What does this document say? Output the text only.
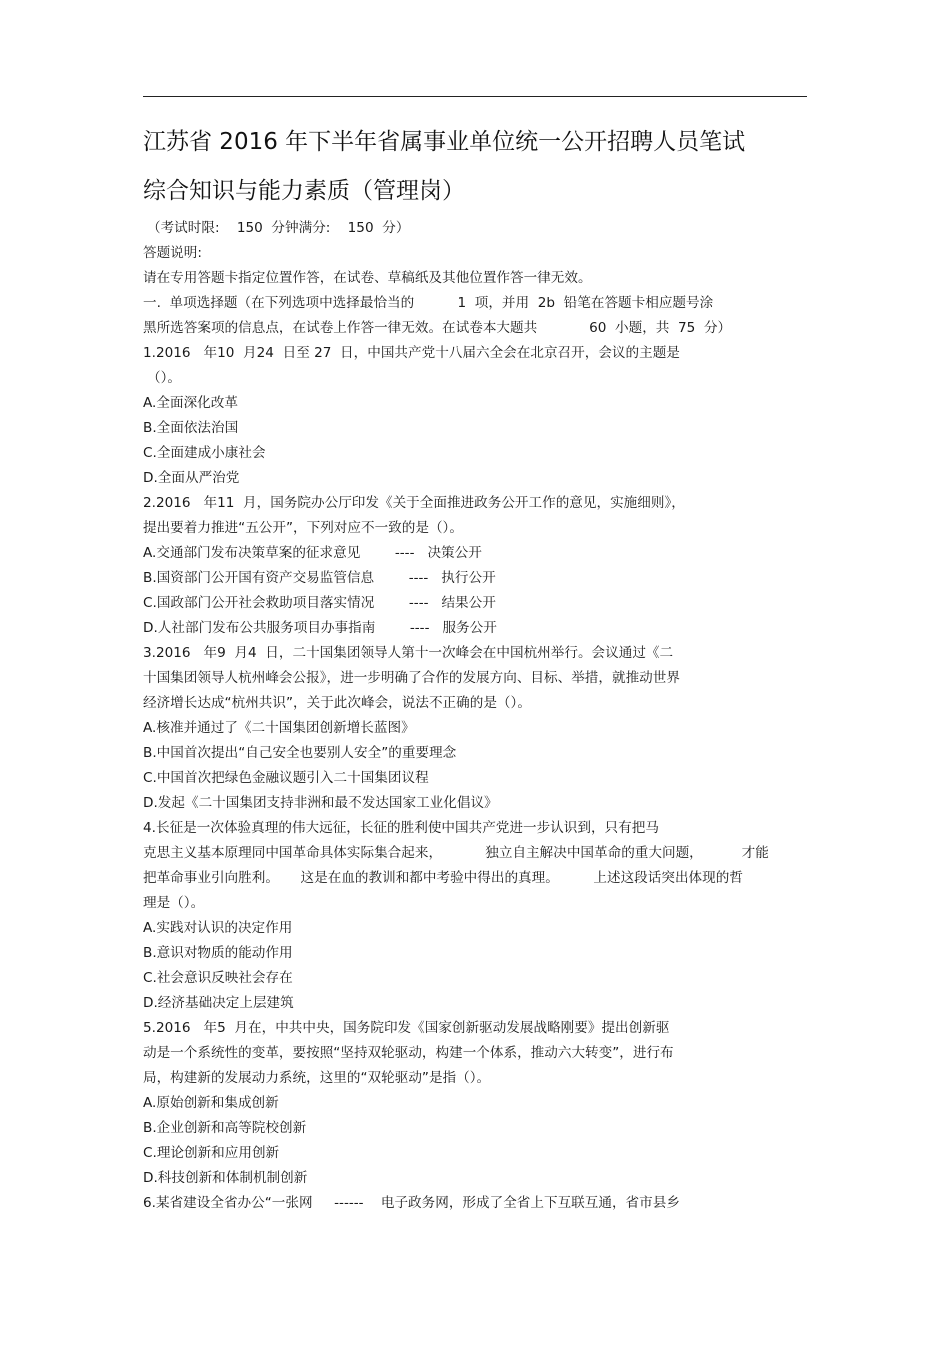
江苏省 2016 年下半年省属事业单位统一公开招聘人员笔试
综合知识与能力素质（管理岗）
（考试时限:    150  分钟满分:    150  分）
答题说明:
请在专用答题卡指定位置作答，在试卷、草稿纸及其他位置作答一律无效。
一.  单项选择题（在下列选项中选择最恰当的          1  项，并用  2b  铅笔在答题卡相应题号涂
黑所选答案项的信息点，在试卷上作答一律无效。在试卷本大题共            60  小题，共  75  分）
1.2016   年10  月24  日至 27  日，中国共产党十八届六全会在北京召开，会议的主题是
（）。
A.全面深化改革
B.全面依法治国
C.全面建成小康社会
D.全面从严治党
2.2016   年11  月，国务院办公厅印发《关于全面推进政务公开工作的意见，实施细则》，
提出要着力推进“五公开”，下列对应不一致的是（）。
A.交通部门发布决策草案的征求意见        ----   决策公开
B.国资部门公开国有资产交易监管信息        ----   执行公开
C.国政部门公开社会救助项目落实情况        ----   结果公开
D.人社部门发布公共服务项目办事指南        ----   服务公开
3.2016   年9  月4  日，二十国集团领导人第十一次峰会在中国杭州举行。会议通过《二
十国集团领导人杭州峰会公报》，进一步明确了合作的发展方向、目标、举措，就推动世界
经济增长达成“杭州共识”，关于此次峰会，说法不正确的是（）。
A.核准并通过了《二十国集团创新增长蓝图》
B.中国首次提出“自己安全也要别人安全”的重要理念
C.中国首次把绿色金融议题引入二十国集团议程
D.发起《二十国集团支持非洲和最不发达国家工业化倡议》
4.长征是一次体验真理的伟大远征，长征的胜利使中国共产党进一步认识到，只有把马
克思主义基本原理同中国革命具体实际集合起来，          独立自主解决中国革命的重大问题，         才能
把革命事业引向胜利。     这是在血的教训和都中考验中得出的真理。        上述这段话突出体现的哲
理是（）。
A.实践对认识的决定作用
B.意识对物质的能动作用
C.社会意识反映社会存在
D.经济基础决定上层建筑
5.2016   年5  月在，中共中央，国务院印发《国家创新驱动发展战略刚要》提出创新驱
动是一个系统性的变革，要按照“坚持双轮驱动，构建一个体系，推动六大转变”，进行布
局，构建新的发展动力系统，这里的“双轮驱动”是指（）。
A.原始创新和集成创新
B.企业创新和高等院校创新
C.理论创新和应用创新
D.科技创新和体制机制创新
6.某省建设全省办公“一张网     ------    电子政务网，形成了全省上下互联互通，省市县乡
